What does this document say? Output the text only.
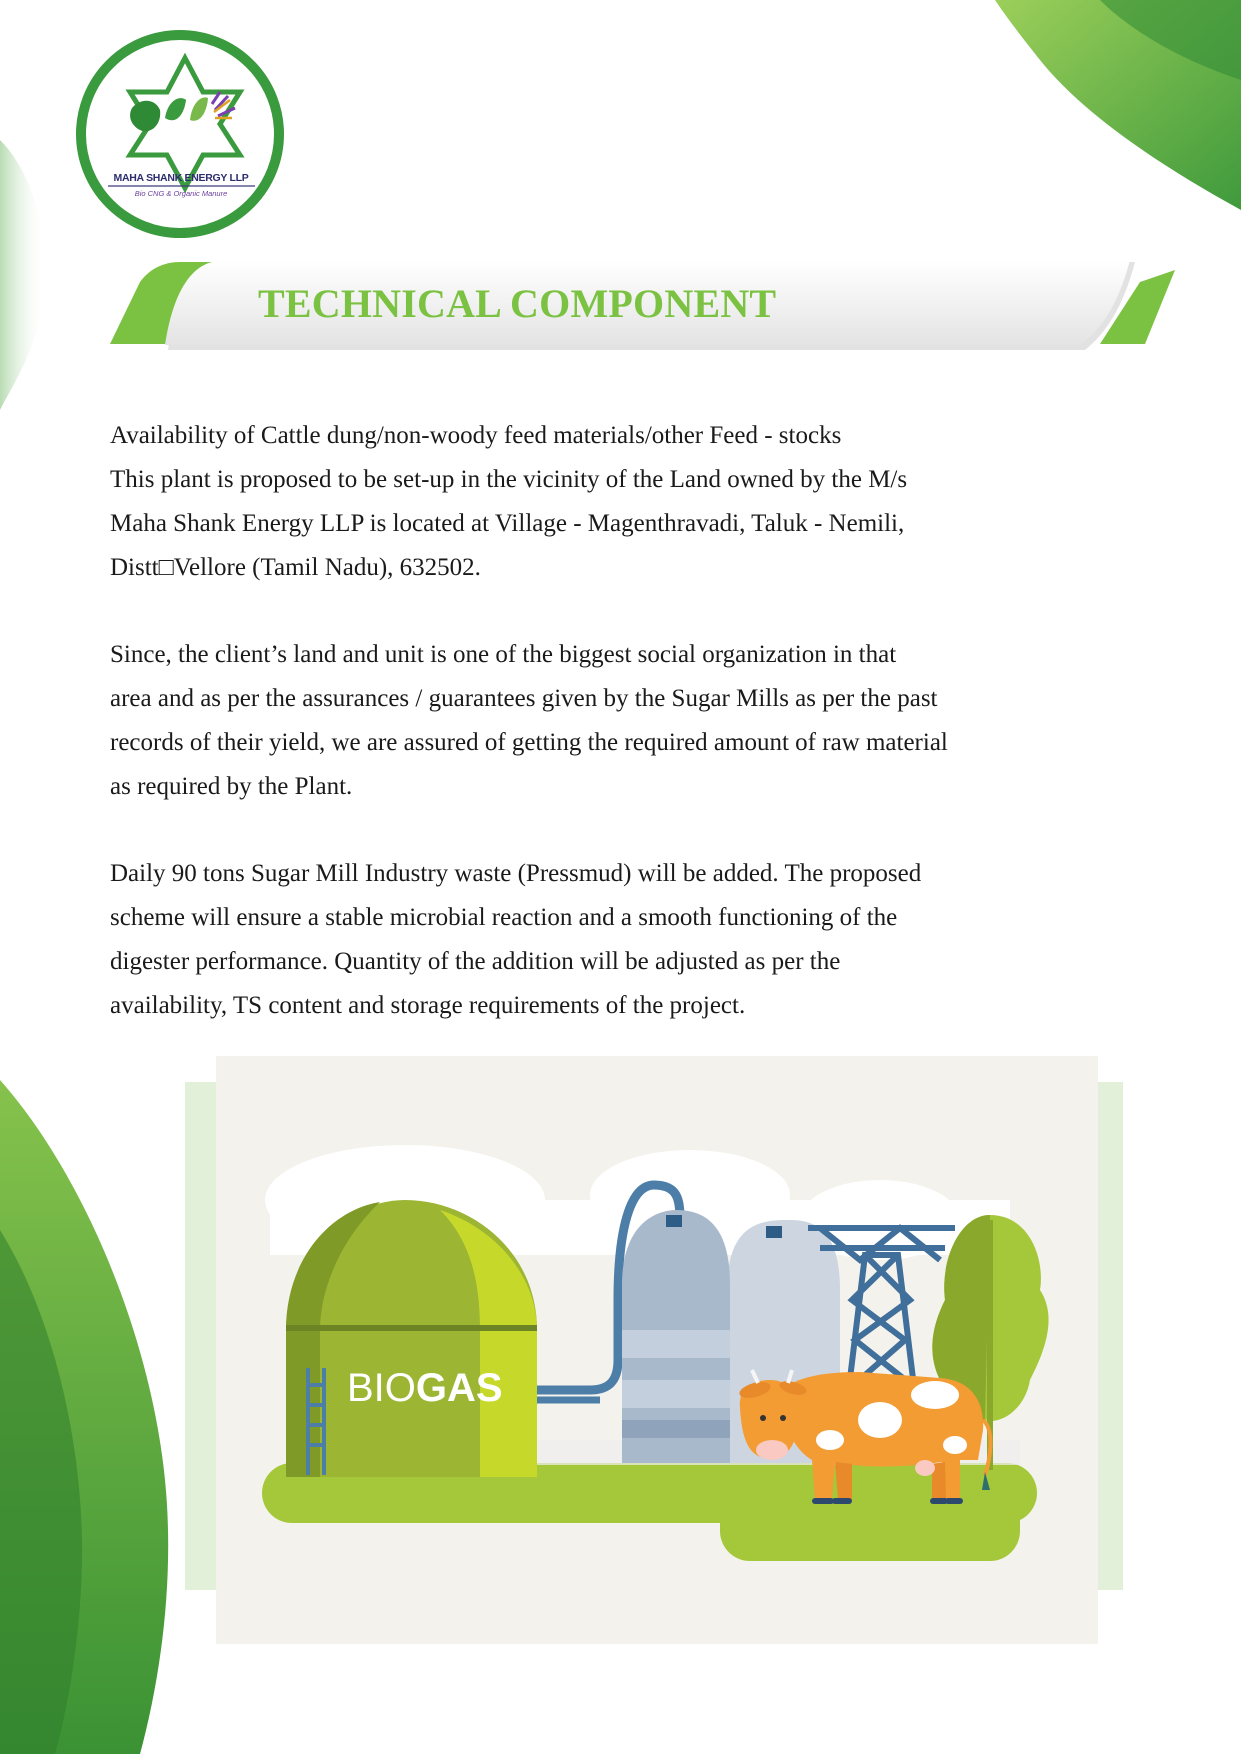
MAHA SHANK ENERGY LLP
Bio CNG & Organic Manure
TECHNICAL COMPONENT

Availability of Cattle dung/non-woody feed materials/other Feed - stocks

This plant is proposed to be set-up in the vicinity of the Land owned by the M/s

Maha Shank Energy LLP is located at Village - Magenthravadi, Taluk - Nemili,

Distt□Vellore (Tamil Nadu), 632502.

Since, the client’s land and unit is one of the biggest social organization in that

area and as per the assurances / guarantees given by the Sugar Mills as per the past

records of their yield, we are assured of getting the required amount of raw material

as required by the Plant.

Daily 90 tons Sugar Mill Industry waste (Pressmud) will be added. The proposed

scheme will ensure a stable microbial reaction and a smooth functioning of the

digester performance. Quantity of the addition will be adjusted as per the

availability, TS content and storage requirements of the project.

BIOGAS
